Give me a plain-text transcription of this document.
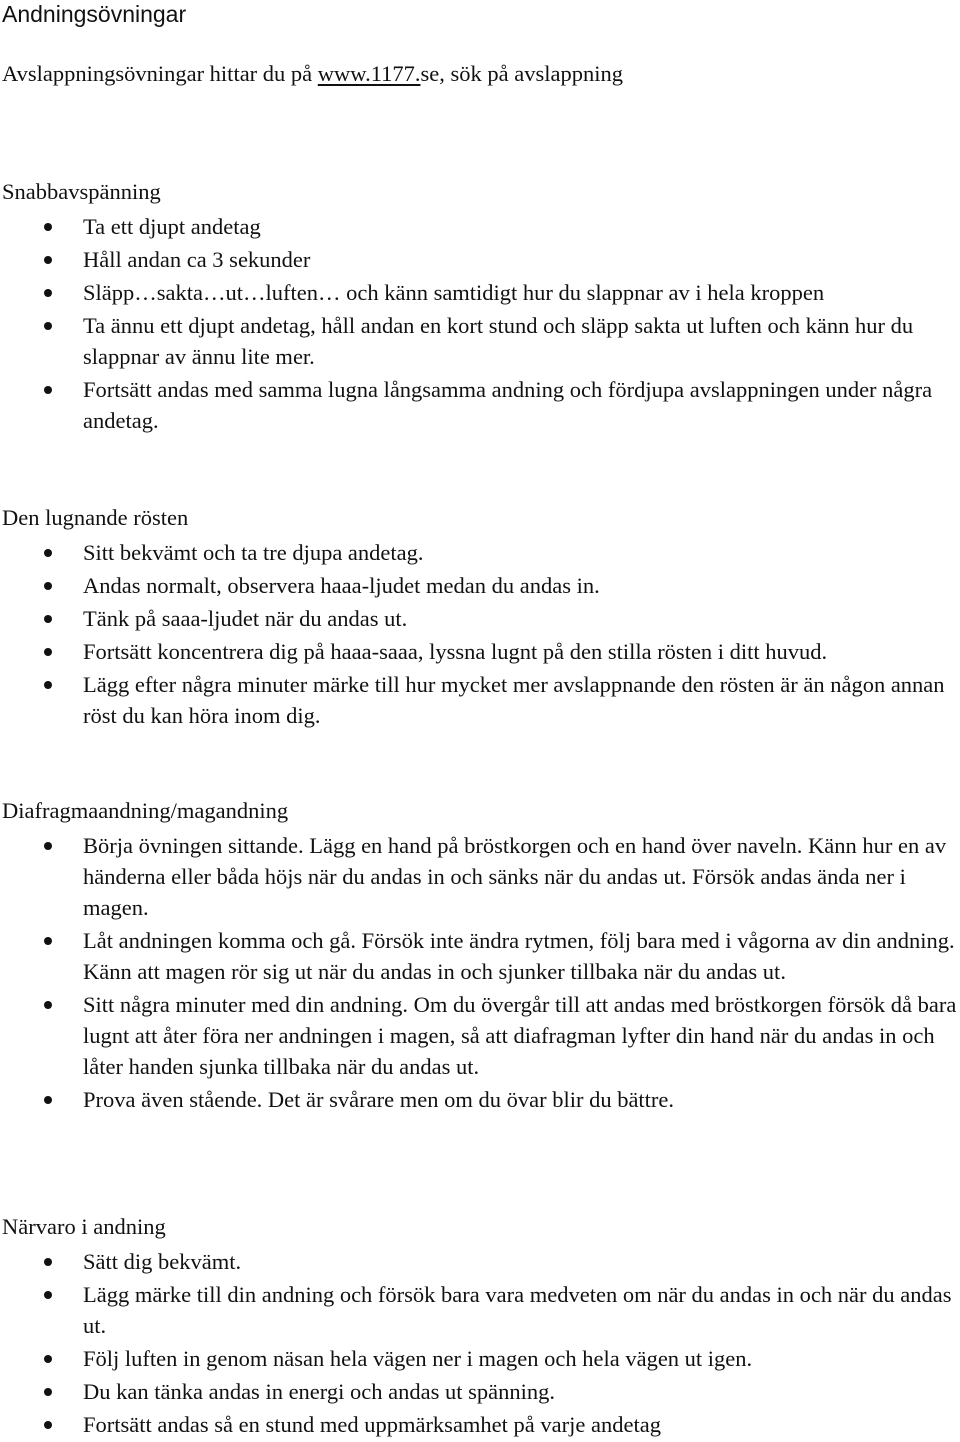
Andningsövningar
Avslappningsövningar hittar du på www.1177.se, sök på avslappning
Snabbavspänning
Ta ett djupt andetag
Håll andan ca 3 sekunder
Släpp…sakta…ut…luften… och känn samtidigt hur du slappnar av i hela kroppen
Ta ännu ett djupt andetag, håll andan en kort stund och släpp sakta ut luften och känn hur du slappnar av ännu lite mer.
Fortsätt andas med samma lugna långsamma andning och fördjupa avslappningen under några andetag.
Den lugnande rösten
Sitt bekvämt och ta tre djupa andetag.
Andas normalt, observera haaa-ljudet medan du andas in.
Tänk på saaa-ljudet när du andas ut.
Fortsätt koncentrera dig på haaa-saaa, lyssna lugnt på den stilla rösten i ditt huvud.
Lägg efter några minuter märke till hur mycket mer avslappnande den rösten är än någon annan röst du kan höra inom dig.
Diafragmaandning/magandning
Börja övningen sittande. Lägg en hand på bröstkorgen och en hand över naveln. Känn hur en av händerna eller båda höjs när du andas in och sänks när du andas ut. Försök andas ända ner i magen.
Låt andningen komma och gå. Försök inte ändra rytmen, följ bara med i vågorna av din andning. Känn att magen rör sig ut när du andas in och sjunker tillbaka när du andas ut.
Sitt några minuter med din andning. Om du övergår till att andas med bröstkorgen försök då bara lugnt att åter föra ner andningen i magen, så att diafragman lyfter din hand när du andas in och låter handen sjunka tillbaka när du andas ut.
Prova även stående. Det är svårare men om du övar blir du bättre.
Närvaro i andning
Sätt dig bekvämt.
Lägg märke till din andning och försök bara vara medveten om när du andas in och när du andas ut.
Följ luften in genom näsan hela vägen ner i magen och hela vägen ut igen.
Du kan tänka andas in energi och andas ut spänning.
Fortsätt andas så en stund med uppmärksamhet på varje andetag
